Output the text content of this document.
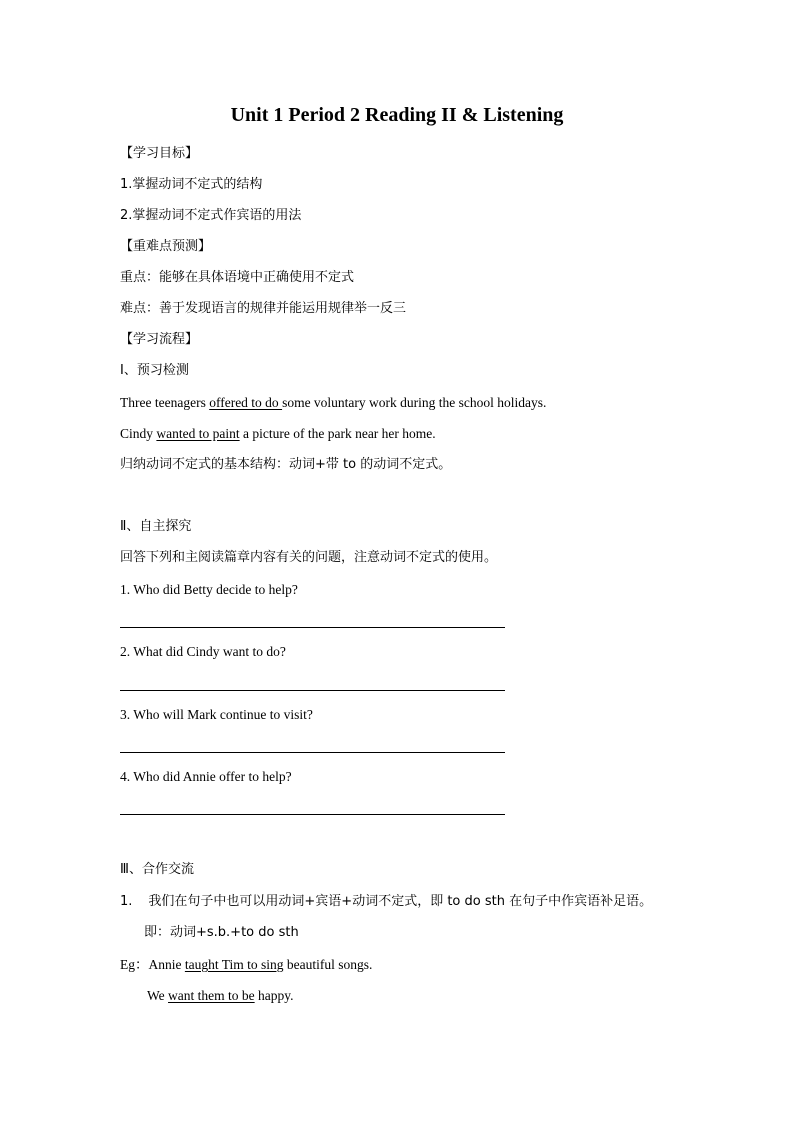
Unit 1 Period 2 Reading II & Listening
【学习目标】
1.掌握动词不定式的结构
2.掌握动词不定式作宾语的用法
【重难点预测】
重点：能够在具体语境中正确使用不定式
难点：善于发现语言的规律并能运用规律举一反三
【学习流程】
Ⅰ、预习检测
Three teenagers offered to do some voluntary work during the school holidays.
Cindy wanted to paint a picture of the park near her home.
归纳动词不定式的基本结构：动词+带 to 的动词不定式。
Ⅱ、自主探究
回答下列和主阅读篇章内容有关的问题，注意动词不定式的使用。
1. Who did Betty decide to help?
2. What did Cindy want to do?
3. Who will Mark continue to visit?
4. Who did Annie offer to help?
Ⅲ、合作交流
1. 我们在句子中也可以用动词+宾语+动词不定式，即 to do sth 在句子中作宾语补足语。
即：动词+s.b.+to do sth
Eg：Annie taught Tim to sing beautiful songs.
We want them to be happy.
